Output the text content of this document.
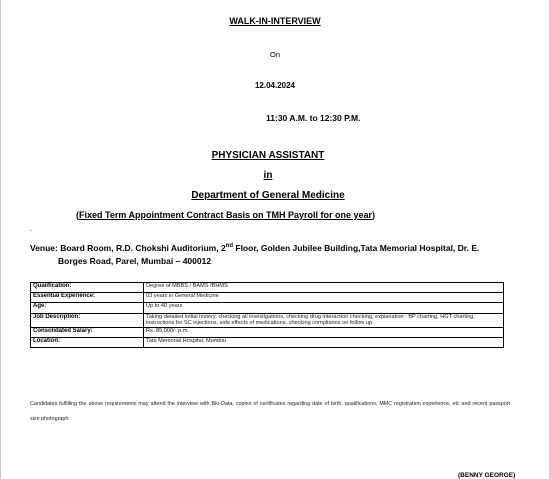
WALK-IN-INTERVIEW
On
12.04.2024
11:30 A.M. to 12:30 P.M.
PHYSICIAN ASSISTANT
in
Department of General Medicine
(Fixed Term Appointment Contract Basis on TMH Payroll for one year)
-
Venue: Board Room, R.D. Chokshi Auditorium, 2nd Floor, Golden Jubilee Building,Tata Memorial Hospital, Dr. E.
Borges Road, Parel, Mumbai – 400012
Qualification:	Degree of MBBS / BAMS /BHMS
Essential Experience:	03 years in General Medicine
Age:	Up to 40 years
Job Description:	Taking detailed initial history, checking all investigations, checking drug interaction checking, explanation : BP charting, HGT charting, instructions for SC injections, side effects of medications, checking compliance on follow up.
Consolidated Salary:	Rs. 89,000/- p.m.
Location:	Tata Memorial Hospital, Mumbai
Candidates fulfilling the above requirements may attend the interview with Bio-Data, copies of certificates regarding date of birth, qualifications, MMC registration experience, etc and recent passport size photograph.
(BENNY GEORGE)
